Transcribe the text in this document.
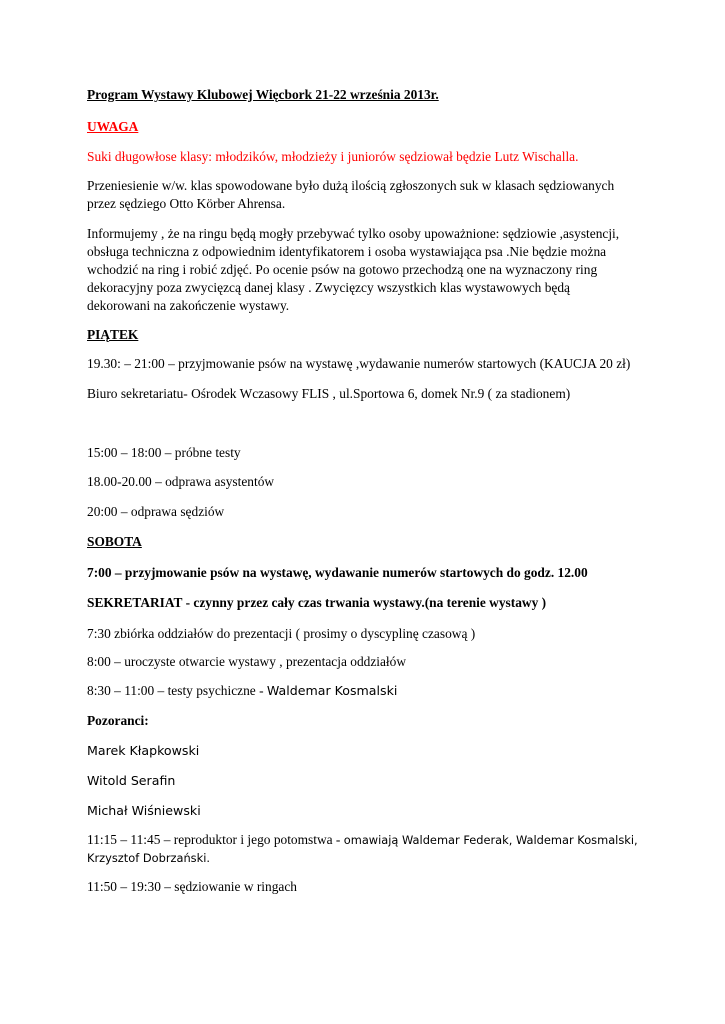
Program Wystawy Klubowej Więcbork 21-22 września 2013r.
UWAGA
Suki długowłose klasy: młodzików, młodzieży i juniorów sędziował będzie Lutz Wischalla.
Przeniesienie w/w. klas spowodowane było dużą ilością zgłoszonych suk w klasach sędziowanych
przez sędziego Otto Körber Ahrensa.
Informujemy , że na ringu będą mogły przebywać tylko osoby upoważnione: sędziowie ,asystencji,
obsługa techniczna z odpowiednim identyfikatorem i osoba wystawiająca psa .Nie będzie można
wchodzić na ring i robić zdjęć. Po ocenie psów na gotowo przechodzą one na wyznaczony ring
dekoracyjny poza zwycięzcą danej klasy . Zwycięzcy wszystkich klas wystawowych będą
dekorowani na zakończenie wystawy.
PIĄTEK
19.30: – 21:00 – przyjmowanie psów na wystawę ,wydawanie numerów startowych (KAUCJA 20 zł)
Biuro sekretariatu- Ośrodek Wczasowy FLIS , ul.Sportowa 6, domek Nr.9 ( za stadionem)
15:00 – 18:00 – próbne testy
18.00-20.00 – odprawa asystentów
20:00 – odprawa sędziów
SOBOTA
7:00 – przyjmowanie psów na wystawę, wydawanie numerów startowych do godz. 12.00
SEKRETARIAT - czynny przez cały czas trwania wystawy.(na terenie wystawy )
7:30 zbiórka oddziałów do prezentacji ( prosimy o dyscyplinę czasową )
8:00 – uroczyste otwarcie wystawy , prezentacja oddziałów
8:30 – 11:00 – testy psychiczne - Waldemar Kosmalski
Pozoranci:
Marek Kłapkowski
Witold Serafin
Michał Wiśniewski
11:15 – 11:45 – reproduktor i jego potomstwa - omawiają Waldemar Federak, Waldemar Kosmalski,
Krzysztof Dobrzański.
11:50 – 19:30 – sędziowanie w ringach
